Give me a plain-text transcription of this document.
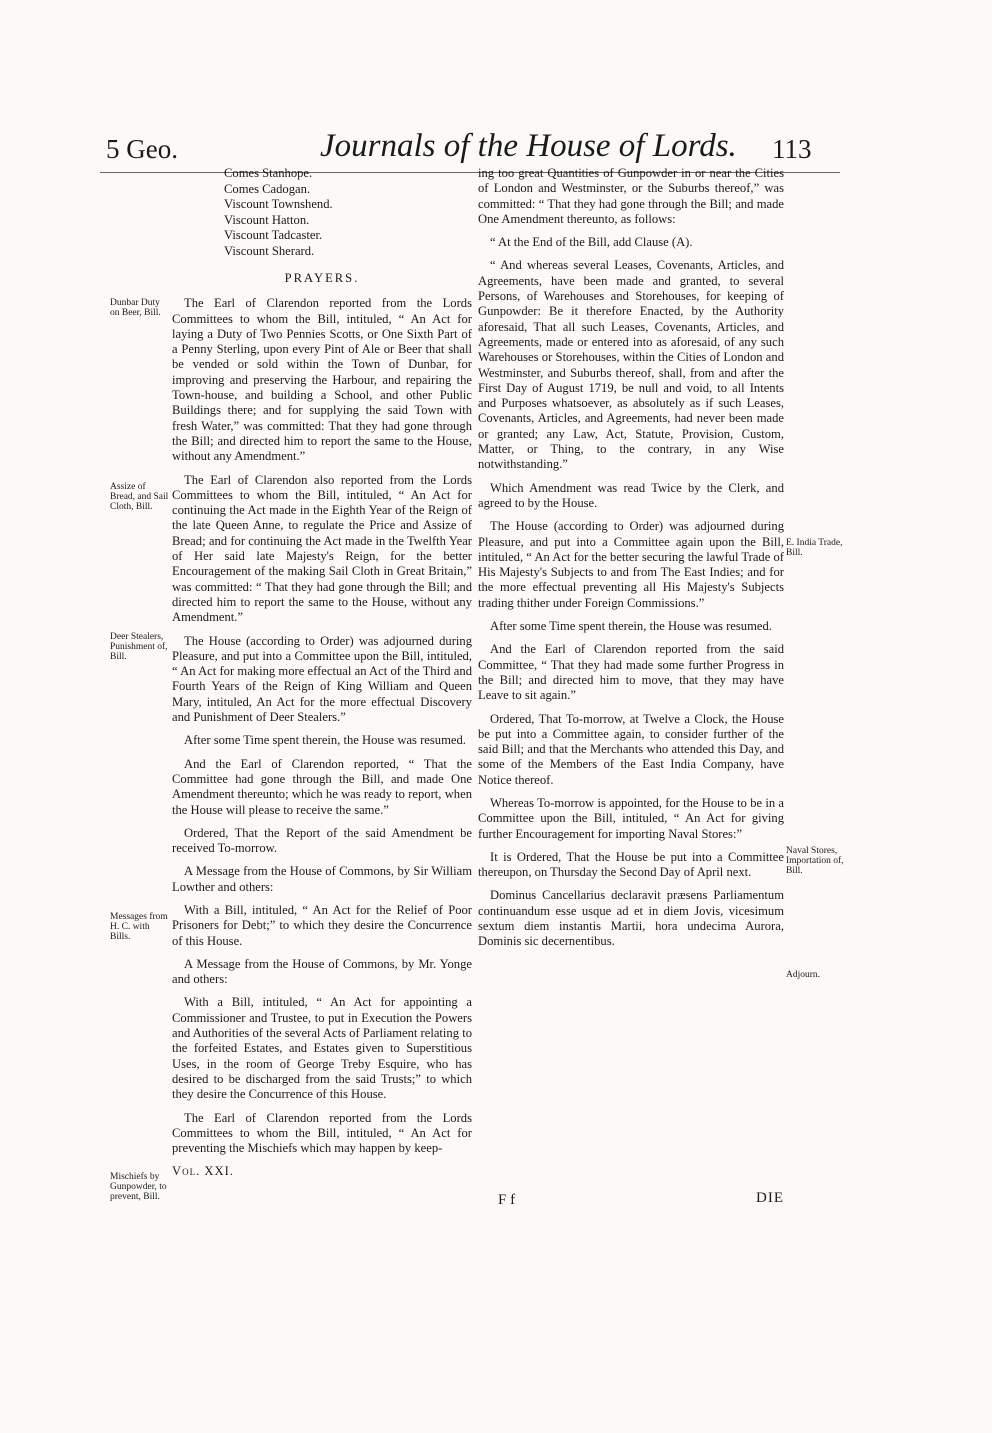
5 Geo.	Journals of the House of Lords. 113
Comes Stanhope.
Comes Cadogan.
Viscount Townshend.
Viscount Hatton.
Viscount Tadcaster.
Viscount Sherard.
PRAYERS.

The Earl of Clarendon reported from the Lords Committees to whom the Bill, intituled, “ An Act for laying a Duty of Two Pennies Scotts, or One Sixth Part of a Penny Sterling, upon every Pint of Ale or Beer that shall be vended or sold within the Town of Dunbar, for improving and preserving the Harbour, and repairing the Town-house, and building a School, and other Public Buildings there; and for supplying the said Town with fresh Water,” was committed: That they had gone through the Bill; and directed him to report the same to the House, without any Amendment.”

The Earl of Clarendon also reported from the Lords Committees to whom the Bill, intituled, “ An Act for continuing the Act made in the Eighth Year of the Reign of the late Queen Anne, to regulate the Price and Assize of Bread; and for continuing the Act made in the Twelfth Year of Her said late Majesty's Reign, for the better Encouragement of the making Sail Cloth in Great Britain,” was committed: “ That they had gone through the Bill; and directed him to report the same to the House, without any Amendment.”

The House (according to Order) was adjourned during Pleasure, and put into a Committee upon the Bill, intituled, “ An Act for making more effectual an Act of the Third and Fourth Years of the Reign of King William and Queen Mary, intituled, An Act for the more effectual Discovery and Punishment of Deer Stealers.”

After some Time spent therein, the House was resumed.

And the Earl of Clarendon reported, “ That the Committee had gone through the Bill, and made One Amendment thereunto; which he was ready to report, when the House will please to receive the same.”

Ordered, That the Report of the said Amendment be received To-morrow.

A Message from the House of Commons, by Sir William Lowther and others:

With a Bill, intituled, “ An Act for the Relief of Poor Prisoners for Debt;” to which they desire the Concurrence of this House.

A Message from the House of Commons, by Mr. Yonge and others:

With a Bill, intituled, “ An Act for appointing a Commissioner and Trustee, to put in Execution the Powers and Authorities of the several Acts of Parliament relating to the forfeited Estates, and Estates given to Superstitious Uses, in the room of George Treby Esquire, who has desired to be discharged from the said Trusts;” to which they desire the Concurrence of this House.

The Earl of Clarendon reported from the Lords Committees to whom the Bill, intituled, “ An Act for preventing the Mischiefs which may happen by keep-

Vol. XXI.

ing too great Quantities of Gunpowder in or near the Cities of London and Westminster, or the Suburbs thereof,” was committed: “ That they had gone through the Bill; and made One Amendment thereunto, as follows:

“ At the End of the Bill, add Clause (A).

“ And whereas several Leases, Covenants, Articles, and Agreements, have been made and granted, to several Persons, of Warehouses and Storehouses, for keeping of Gunpowder: Be it therefore Enacted, by the Authority aforesaid, That all such Leases, Covenants, Articles, and Agreements, made or entered into as aforesaid, of any such Warehouses or Storehouses, within the Cities of London and Westminster, and Suburbs thereof, shall, from and after the First Day of August 1719, be null and void, to all Intents and Purposes whatsoever, as absolutely as if such Leases, Covenants, Articles, and Agreements, had never been made or granted; any Law, Act, Statute, Provision, Custom, Matter, or Thing, to the contrary, in any Wise notwithstanding.”

Which Amendment was read Twice by the Clerk, and agreed to by the House.

The House (according to Order) was adjourned during Pleasure, and put into a Committee again upon the Bill, intituled, “ An Act for the better securing the lawful Trade of His Majesty's Subjects to and from The East Indies; and for the more effectual preventing all His Majesty's Subjects trading thither under Foreign Commissions.”

After some Time spent therein, the House was resumed.

And the Earl of Clarendon reported from the said Committee, “ That they had made some further Progress in the Bill; and directed him to move, that they may have Leave to sit again.”

Ordered, That To-morrow, at Twelve a Clock, the House be put into a Committee again, to consider further of the said Bill; and that the Merchants who attended this Day, and some of the Members of the East India Company, have Notice thereof.

Whereas To-morrow is appointed, for the House to be in a Committee upon the Bill, intituled, “ An Act for giving further Encouragement for importing Naval Stores:”

It is Ordered, That the House be put into a Committee thereupon, on Thursday the Second Day of April next.

Dominus Cancellarius declaravit præsens Parliamentum continuandum esse usque ad et in diem Jovis, vicesimum sextum diem instantis Martii, hora undecima Aurora, Dominis sic decernentibus.

Dunbar Duty on Beer, Bill.
Assize of Bread, and Sail Cloth, Bill.
Deer Stealers, Punishment of, Bill.
Messages from H. C. with Bills.
Mischiefs by Gunpowder, to prevent, Bill.
E. India Trade, Bill.
Naval Stores, Importation of, Bill.
Adjourn.
F f	DIE
